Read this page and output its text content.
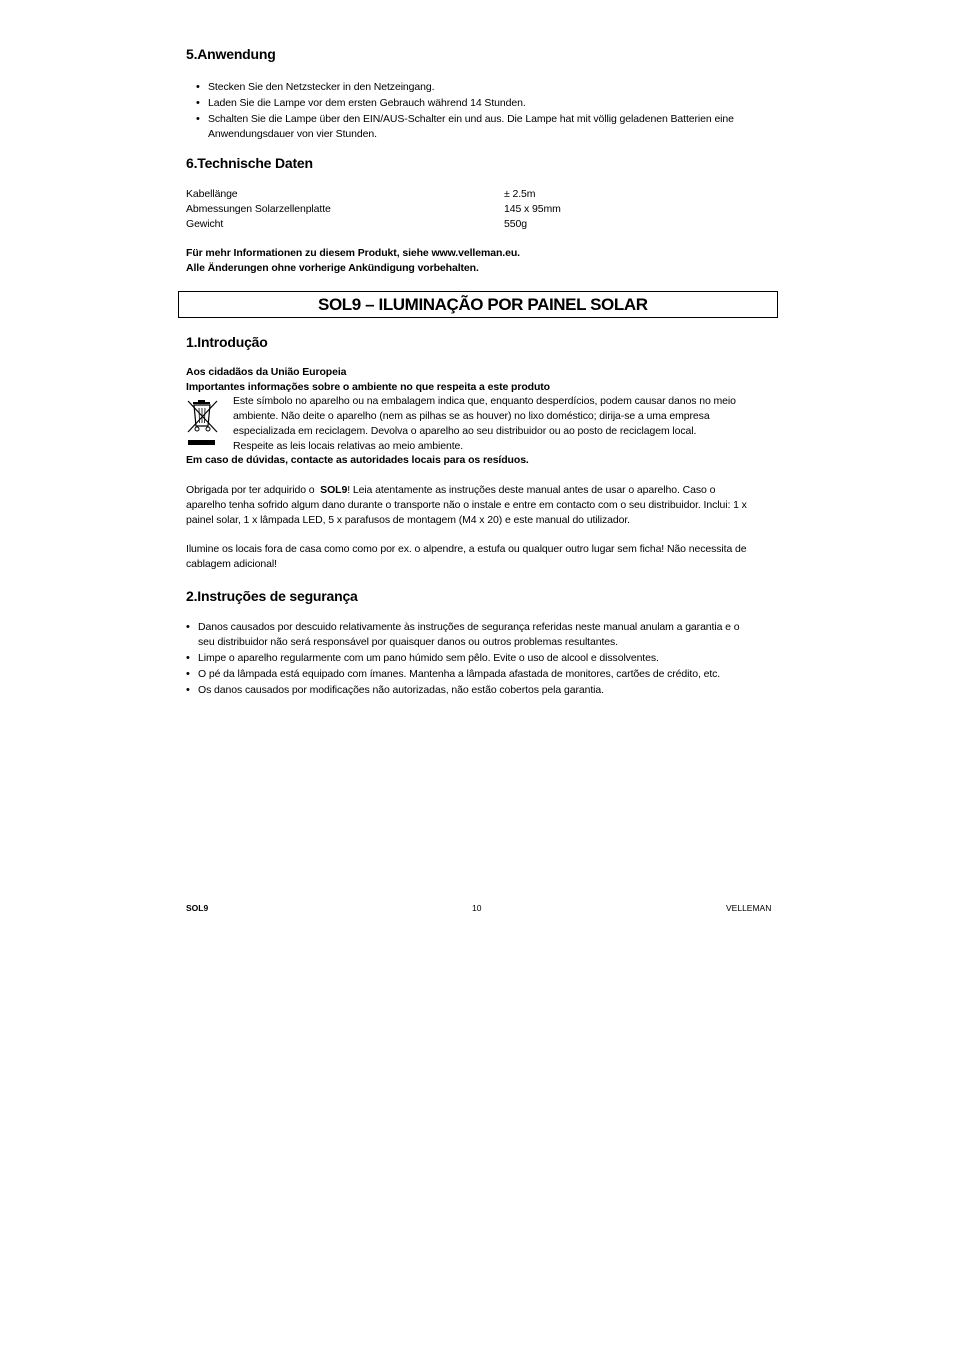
5.Anwendung
• Stecken Sie den Netzstecker in den Netzeingang.
• Laden Sie die Lampe vor dem ersten Gebrauch während 14 Stunden.
• Schalten Sie die Lampe über den EIN/AUS-Schalter ein und aus. Die Lampe hat mit völlig geladenen Batterien eine Anwendungsdauer von vier Stunden.
6.Technische Daten
Kabellänge	± 2.5m
Abmessungen Solarzellenplatte	145 x 95mm
Gewicht	550g
Für mehr Informationen zu diesem Produkt, siehe www.velleman.eu.
Alle Änderungen ohne vorherige Ankündigung vorbehalten.
SOL9 – ILUMINAÇÃO POR PAINEL SOLAR
1.Introdução
Aos cidadãos da União Europeia
Importantes informações sobre o ambiente no que respeita a este produto
Este símbolo no aparelho ou na embalagem indica que, enquanto desperdícios, podem causar danos no meio
ambiente. Não deite o aparelho (nem as pilhas se as houver) no lixo doméstico; dirija-se a uma empresa
especializada em reciclagem. Devolva o aparelho ao seu distribuidor ou ao posto de reciclagem local.
Respeite as leis locais relativas ao meio ambiente.
Em caso de dúvidas, contacte as autoridades locais para os resíduos.
Obrigada por ter adquirido o  SOL9! Leia atentamente as instruções deste manual antes de usar o aparelho. Caso o
aparelho tenha sofrido algum dano durante o transporte não o instale e entre em contacto com o seu distribuidor. Inclui: 1 x
painel solar, 1 x lâmpada LED, 5 x parafusos de montagem (M4 x 20) e este manual do utilizador.
Ilumine os locais fora de casa como como por ex. o alpendre, a estufa ou qualquer outro lugar sem ficha! Não necessita de
cablagem adicional!
2.Instruções de segurança
• Danos causados por descuido relativamente às instruções de segurança referidas neste manual anulam a garantia e o seu distribuidor não será responsável por quaisquer danos ou outros problemas resultantes.
• Limpe o aparelho regularmente com um pano húmido sem pêlo. Evite o uso de alcool e dissolventes.
• O pé da lâmpada está equipado com ímanes. Mantenha a lâmpada afastada de monitores, cartões de crédito, etc.
• Os danos causados por modificações não autorizadas, não estão cobertos pela garantia.
SOL9	10	VELLEMAN
